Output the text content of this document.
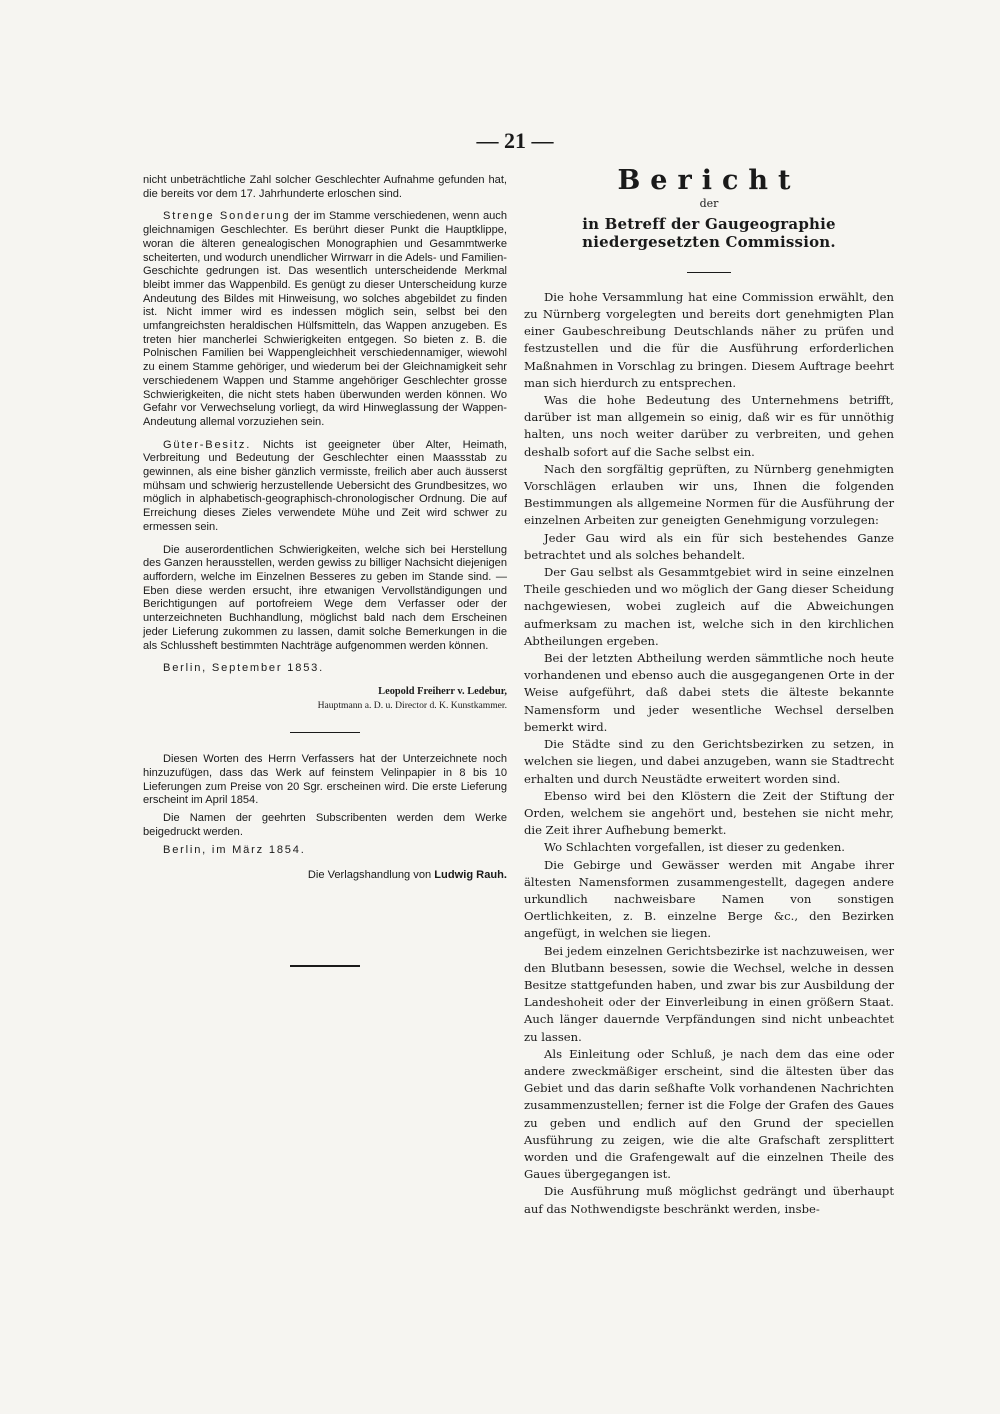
— 21 —

nicht unbeträchtliche Zahl solcher Geschlechter Aufnahme gefunden hat, die bereits vor dem 17. Jahrhunderte erloschen sind.

Strenge Sonderung der im Stamme verschiedenen, wenn auch gleichnamigen Geschlechter. Es berührt dieser Punkt die Hauptklippe, woran die älteren genealogischen Monographien und Gesammtwerke scheiterten, und wodurch unendlicher Wirrwarr in die Adels- und Familien-Geschichte gedrungen ist. Das wesentlich unterscheidende Merkmal bleibt immer das Wappenbild. Es genügt zu dieser Unterscheidung kurze Andeutung des Bildes mit Hinweisung, wo solches abgebildet zu finden ist. Nicht immer wird es indessen möglich sein, selbst bei den umfangreichsten heraldischen Hülfsmitteln, das Wappen anzugeben. Es treten hier mancherlei Schwierigkeiten entgegen. So bieten z. B. die Polnischen Familien bei Wappengleichheit verschiedennamiger, wiewohl zu einem Stamme gehöriger, und wiederum bei der Gleichnamigkeit sehr verschiedenem Wappen und Stamme angehöriger Geschlechter grosse Schwierigkeiten, die nicht stets haben überwunden werden können. Wo Gefahr vor Verwechselung vorliegt, da wird Hinweglassung der Wappen-Andeutung allemal vorzuziehen sein.

Güter-Besitz. Nichts ist geeigneter über Alter, Heimath, Verbreitung und Bedeutung der Geschlechter einen Maassstab zu gewinnen, als eine bisher gänzlich vermisste, freilich aber auch äusserst mühsam und schwierig herzustellende Uebersicht des Grundbesitzes, wo möglich in alphabetisch-geographisch-chronologischer Ordnung. Die auf Erreichung dieses Zieles verwendete Mühe und Zeit wird schwer zu ermessen sein.

Die auserordentlichen Schwierigkeiten, welche sich bei Herstellung des Ganzen herausstellen, werden gewiss zu billiger Nachsicht diejenigen auffordern, welche im Einzelnen Besseres zu geben im Stande sind. — Eben diese werden ersucht, ihre etwanigen Vervollständigungen und Berichtigungen auf portofreiem Wege dem Verfasser oder der unterzeichneten Buchhandlung, möglichst bald nach dem Erscheinen jeder Lieferung zukommen zu lassen, damit solche Bemerkungen in die als Schlussheft bestimmten Nachträge aufgenommen werden können.

Berlin, September 1853.

Leopold Freiherr v. Ledebur,

Hauptmann a. D. u. Director d. K. Kunstkammer.

Diesen Worten des Herrn Verfassers hat der Unterzeichnete noch hinzuzufügen, dass das Werk auf feinstem Velinpapier in 8 bis 10 Lieferungen zum Preise von 20 Sgr. erscheinen wird. Die erste Lieferung erscheint im April 1854.

Die Namen der geehrten Subscribenten werden dem Werke beigedruckt werden.

Berlin, im März 1854.

Die Verlagshandlung von Ludwig Rauh.

Bericht
der
in Betreff der Gaugeographie niedergesetzten Commission.

Die hohe Versammlung hat eine Commission erwählt, den zu Nürnberg vorgelegten und bereits dort genehmigten Plan einer Gaubeschreibung Deutschlands näher zu prüfen und festzustellen und die für die Ausführung erforderlichen Maßnahmen in Vorschlag zu bringen. Diesem Auftrage beehrt man sich hierdurch zu entsprechen.

Was die hohe Bedeutung des Unternehmens betrifft, darüber ist man allgemein so einig, daß wir es für unnöthig halten, uns noch weiter darüber zu verbreiten, und gehen deshalb sofort auf die Sache selbst ein.

Nach den sorgfältig geprüften, zu Nürnberg genehmigten Vorschlägen erlauben wir uns, Ihnen die folgenden Bestimmungen als allgemeine Normen für die Ausführung der einzelnen Arbeiten zur geneigten Genehmigung vorzulegen:

Jeder Gau wird als ein für sich bestehendes Ganze betrachtet und als solches behandelt.

Der Gau selbst als Gesammtgebiet wird in seine einzelnen Theile geschieden und wo möglich der Gang dieser Scheidung nachgewiesen, wobei zugleich auf die Abweichungen aufmerksam zu machen ist, welche sich in den kirchlichen Abtheilungen ergeben.

Bei der letzten Abtheilung werden sämmtliche noch heute vorhandenen und ebenso auch die ausgegangenen Orte in der Weise aufgeführt, daß dabei stets die älteste bekannte Namensform und jeder wesentliche Wechsel derselben bemerkt wird.

Die Städte sind zu den Gerichtsbezirken zu setzen, in welchen sie liegen, und dabei anzugeben, wann sie Stadtrecht erhalten und durch Neustädte erweitert worden sind.

Ebenso wird bei den Klöstern die Zeit der Stiftung der Orden, welchem sie angehört und, bestehen sie nicht mehr, die Zeit ihrer Aufhebung bemerkt.

Wo Schlachten vorgefallen, ist dieser zu gedenken.

Die Gebirge und Gewässer werden mit Angabe ihrer ältesten Namensformen zusammengestellt, dagegen andere urkundlich nachweisbare Namen von sonstigen Oertlichkeiten, z. B. einzelne Berge &c., den Bezirken angefügt, in welchen sie liegen.

Bei jedem einzelnen Gerichtsbezirke ist nachzuweisen, wer den Blutbann besessen, sowie die Wechsel, welche in dessen Besitze stattgefunden haben, und zwar bis zur Ausbildung der Landeshoheit oder der Einverleibung in einen größern Staat. Auch länger dauernde Verpfändungen sind nicht unbeachtet zu lassen.

Als Einleitung oder Schluß, je nach dem das eine oder andere zweckmäßiger erscheint, sind die ältesten über das Gebiet und das darin seßhafte Volk vorhandenen Nachrichten zusammenzustellen; ferner ist die Folge der Grafen des Gaues zu geben und endlich auf den Grund der speciellen Ausführung zu zeigen, wie die alte Grafschaft zersplittert worden und die Grafengewalt auf die einzelnen Theile des Gaues übergegangen ist.

Die Ausführung muß möglichst gedrängt und überhaupt auf das Nothwendigste beschränkt werden, insbe-
